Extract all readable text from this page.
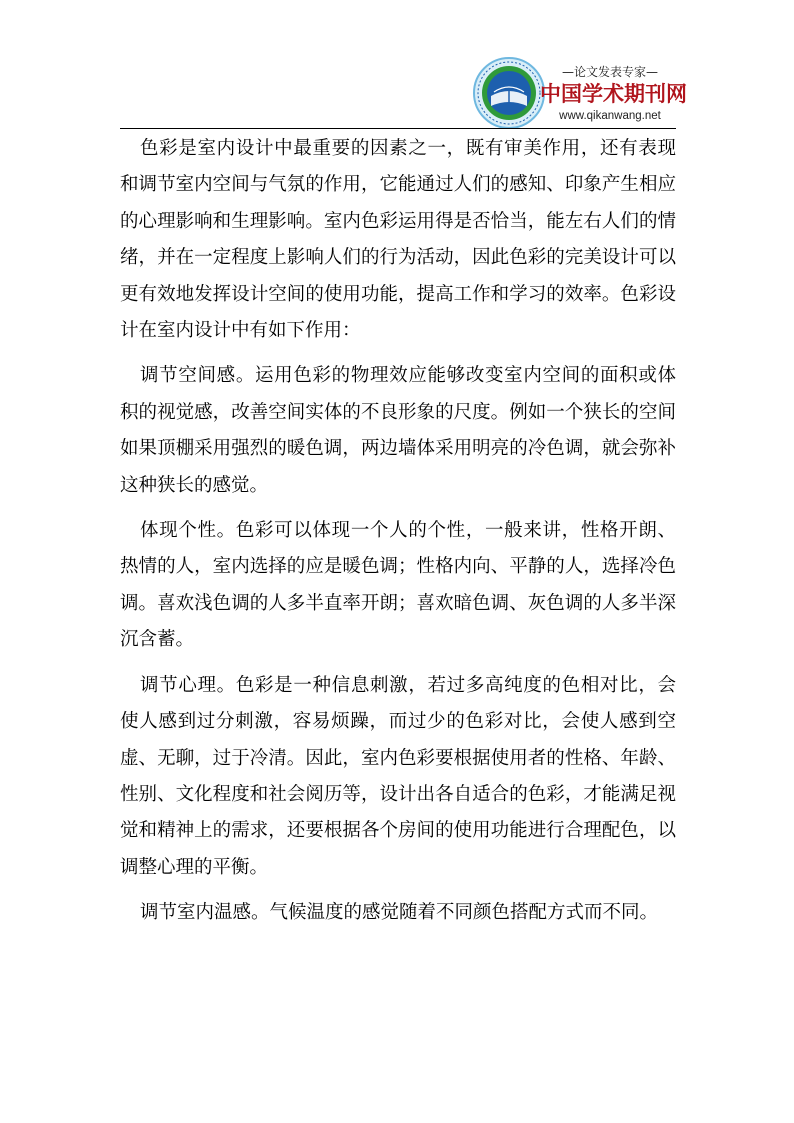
—论文发表专家—
中国学术期刊网
www.qikanwang.net

色彩是室内设计中最重要的因素之一，既有审美作用，还有表现和调节室内空间与气氛的作用，它能通过人们的感知、印象产生相应的心理影响和生理影响。室内色彩运用得是否恰当，能左右人们的情绪，并在一定程度上影响人们的行为活动，因此色彩的完美设计可以更有效地发挥设计空间的使用功能，提高工作和学习的效率。色彩设计在室内设计中有如下作用：

调节空间感。运用色彩的物理效应能够改变室内空间的面积或体积的视觉感，改善空间实体的不良形象的尺度。例如一个狭长的空间如果顶棚采用强烈的暖色调，两边墙体采用明亮的冷色调，就会弥补这种狭长的感觉。

体现个性。色彩可以体现一个人的个性，一般来讲，性格开朗、热情的人，室内选择的应是暖色调；性格内向、平静的人，选择冷色调。喜欢浅色调的人多半直率开朗；喜欢暗色调、灰色调的人多半深沉含蓄。

调节心理。色彩是一种信息刺激，若过多高纯度的色相对比，会使人感到过分刺激，容易烦躁，而过少的色彩对比，会使人感到空虚、无聊，过于冷清。因此，室内色彩要根据使用者的性格、年龄、性别、文化程度和社会阅历等，设计出各自适合的色彩，才能满足视觉和精神上的需求，还要根据各个房间的使用功能进行合理配色，以调整心理的平衡。

调节室内温感。气候温度的感觉随着不同颜色搭配方式而不同。
